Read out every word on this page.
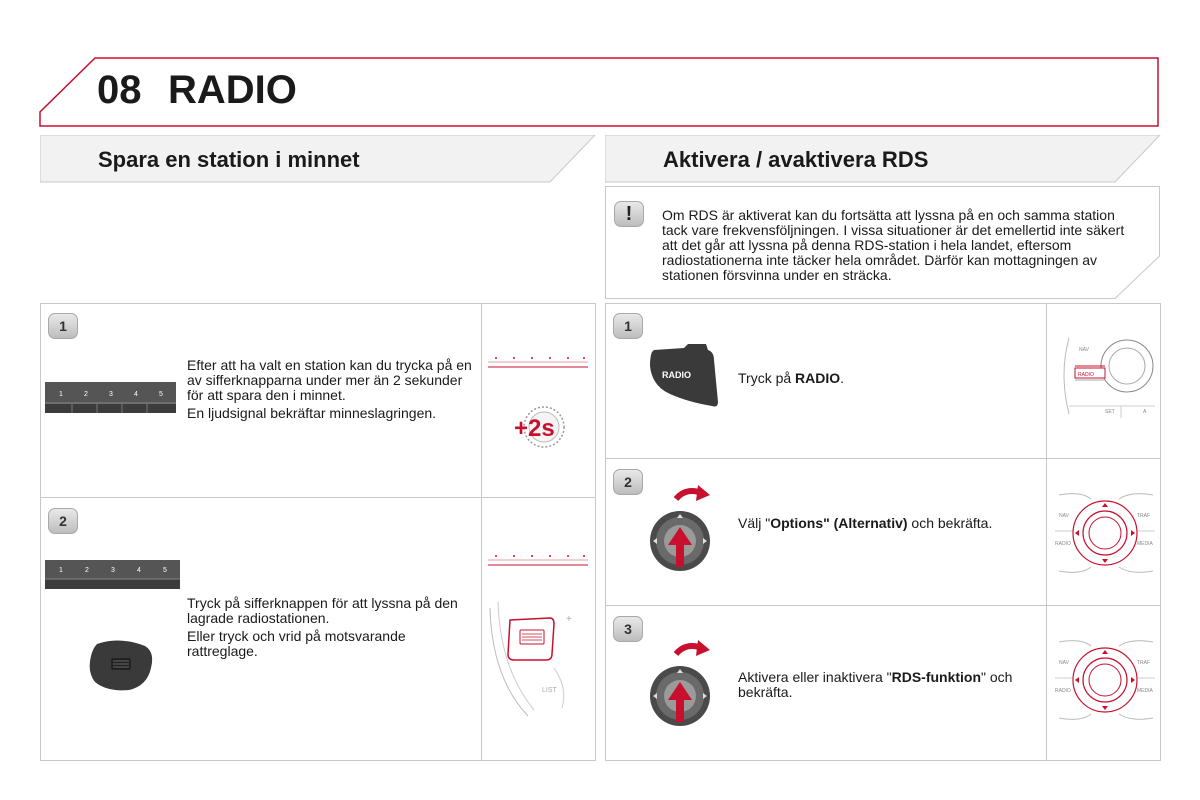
08 RADIO
Spara en station i minnet	Aktivera / avaktivera RDS
!	Om RDS är aktiverat kan du fortsätta att lyssna på en och samma station tack vare frekvensföljningen. I vissa situationer är det emellertid inte säkert att det går att lyssna på denna RDS-station i hela landet, eftersom radiostationerna inte täcker hela området. Därför kan mottagningen av stationen försvinna under en sträcka.
1
1	2	3	4	5

Efter att ha valt en station kan du trycka på en av sifferknapparna under mer än 2 sekunder för att spara den i minnet.

En ljudsignal bekräftar minneslagringen.

+2s
2
1	2	3	4	5

Tryck på sifferknappen för att lyssna på den lagrade radiostationen.

Eller tryck och vrid på motsvarande rattreglage.

+
LIST
1
RADIO	Tryck på RADIO.

NAV
RADIO
SET	A
2

Välj "Options" (Alternativ) och bekräfta.	NAV	TRAF
RADIO	MEDIA
3

Aktivera eller inaktivera "RDS-funktion" och bekräfta.

NAV	TRAF
RADIO	MEDIA
